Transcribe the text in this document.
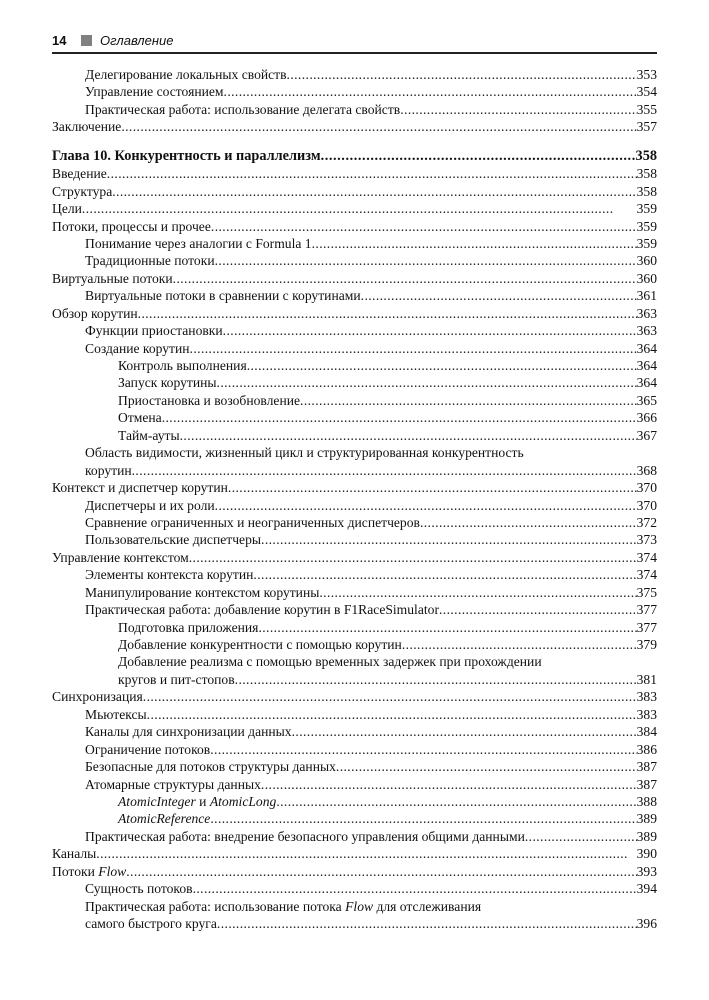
14	Оглавление
Делегирование локальных свойств . . .	353
Управление состоянием . . .	354
Практическая работа: использование делегата свойств . . .	355
Заключение . . .	357
Глава 10. Конкурентность и параллелизм . . .	358
Введение . . .	358
Структура . . .	358
Цели . . .	359
Потоки, процессы и прочее . . .	359
Понимание через аналогии с Formula 1 . . .	359
Традиционные потоки . . .	360
Виртуальные потоки . . .	360
Виртуальные потоки в сравнении с корутинами . . .	361
Обзор корутин . . .	363
Функции приостановки . . .	363
Создание корутин . . .	364
Контроль выполнения . . .	364
Запуск корутины . . .	364
Приостановка и возобновление . . .	365
Отмена . . .	366
Тайм-ауты . . .	367
Область видимости, жизненный цикл и структурированная конкурентность
корутин . . .	368
Контекст и диспетчер корутин . . .	370
Диспетчеры и их роли . . .	370
Сравнение ограниченных и неограниченных диспетчеров . . .	372
Пользовательские диспетчеры . . .	373
Управление контекстом . . .	374
Элементы контекста корутин . . .	374
Манипулирование контекстом корутины . . .	375
Практическая работа: добавление корутин в F1RaceSimulator . . .	377
Подготовка приложения . . .	377
Добавление конкурентности с помощью корутин . . .	379
Добавление реализма с помощью временных задержек при прохождении
кругов и пит-стопов . . .	381
Синхронизация . . .	383
Мьютексы . . .	383
Каналы для синхронизации данных . . .	384
Ограничение потоков . . .	386
Безопасные для потоков структуры данных . . .	387
Атомарные структуры данных . . .	387
AtomicInteger и AtomicLong . . .	388
AtomicReference . . .	389
Практическая работа: внедрение безопасного управления общими данными . . .	389
Каналы . . .	390
Потоки Flow . . .	393
Сущность потоков . . .	394
Практическая работа: использование потока Flow для отслеживания
самого быстрого круга . . .	396
